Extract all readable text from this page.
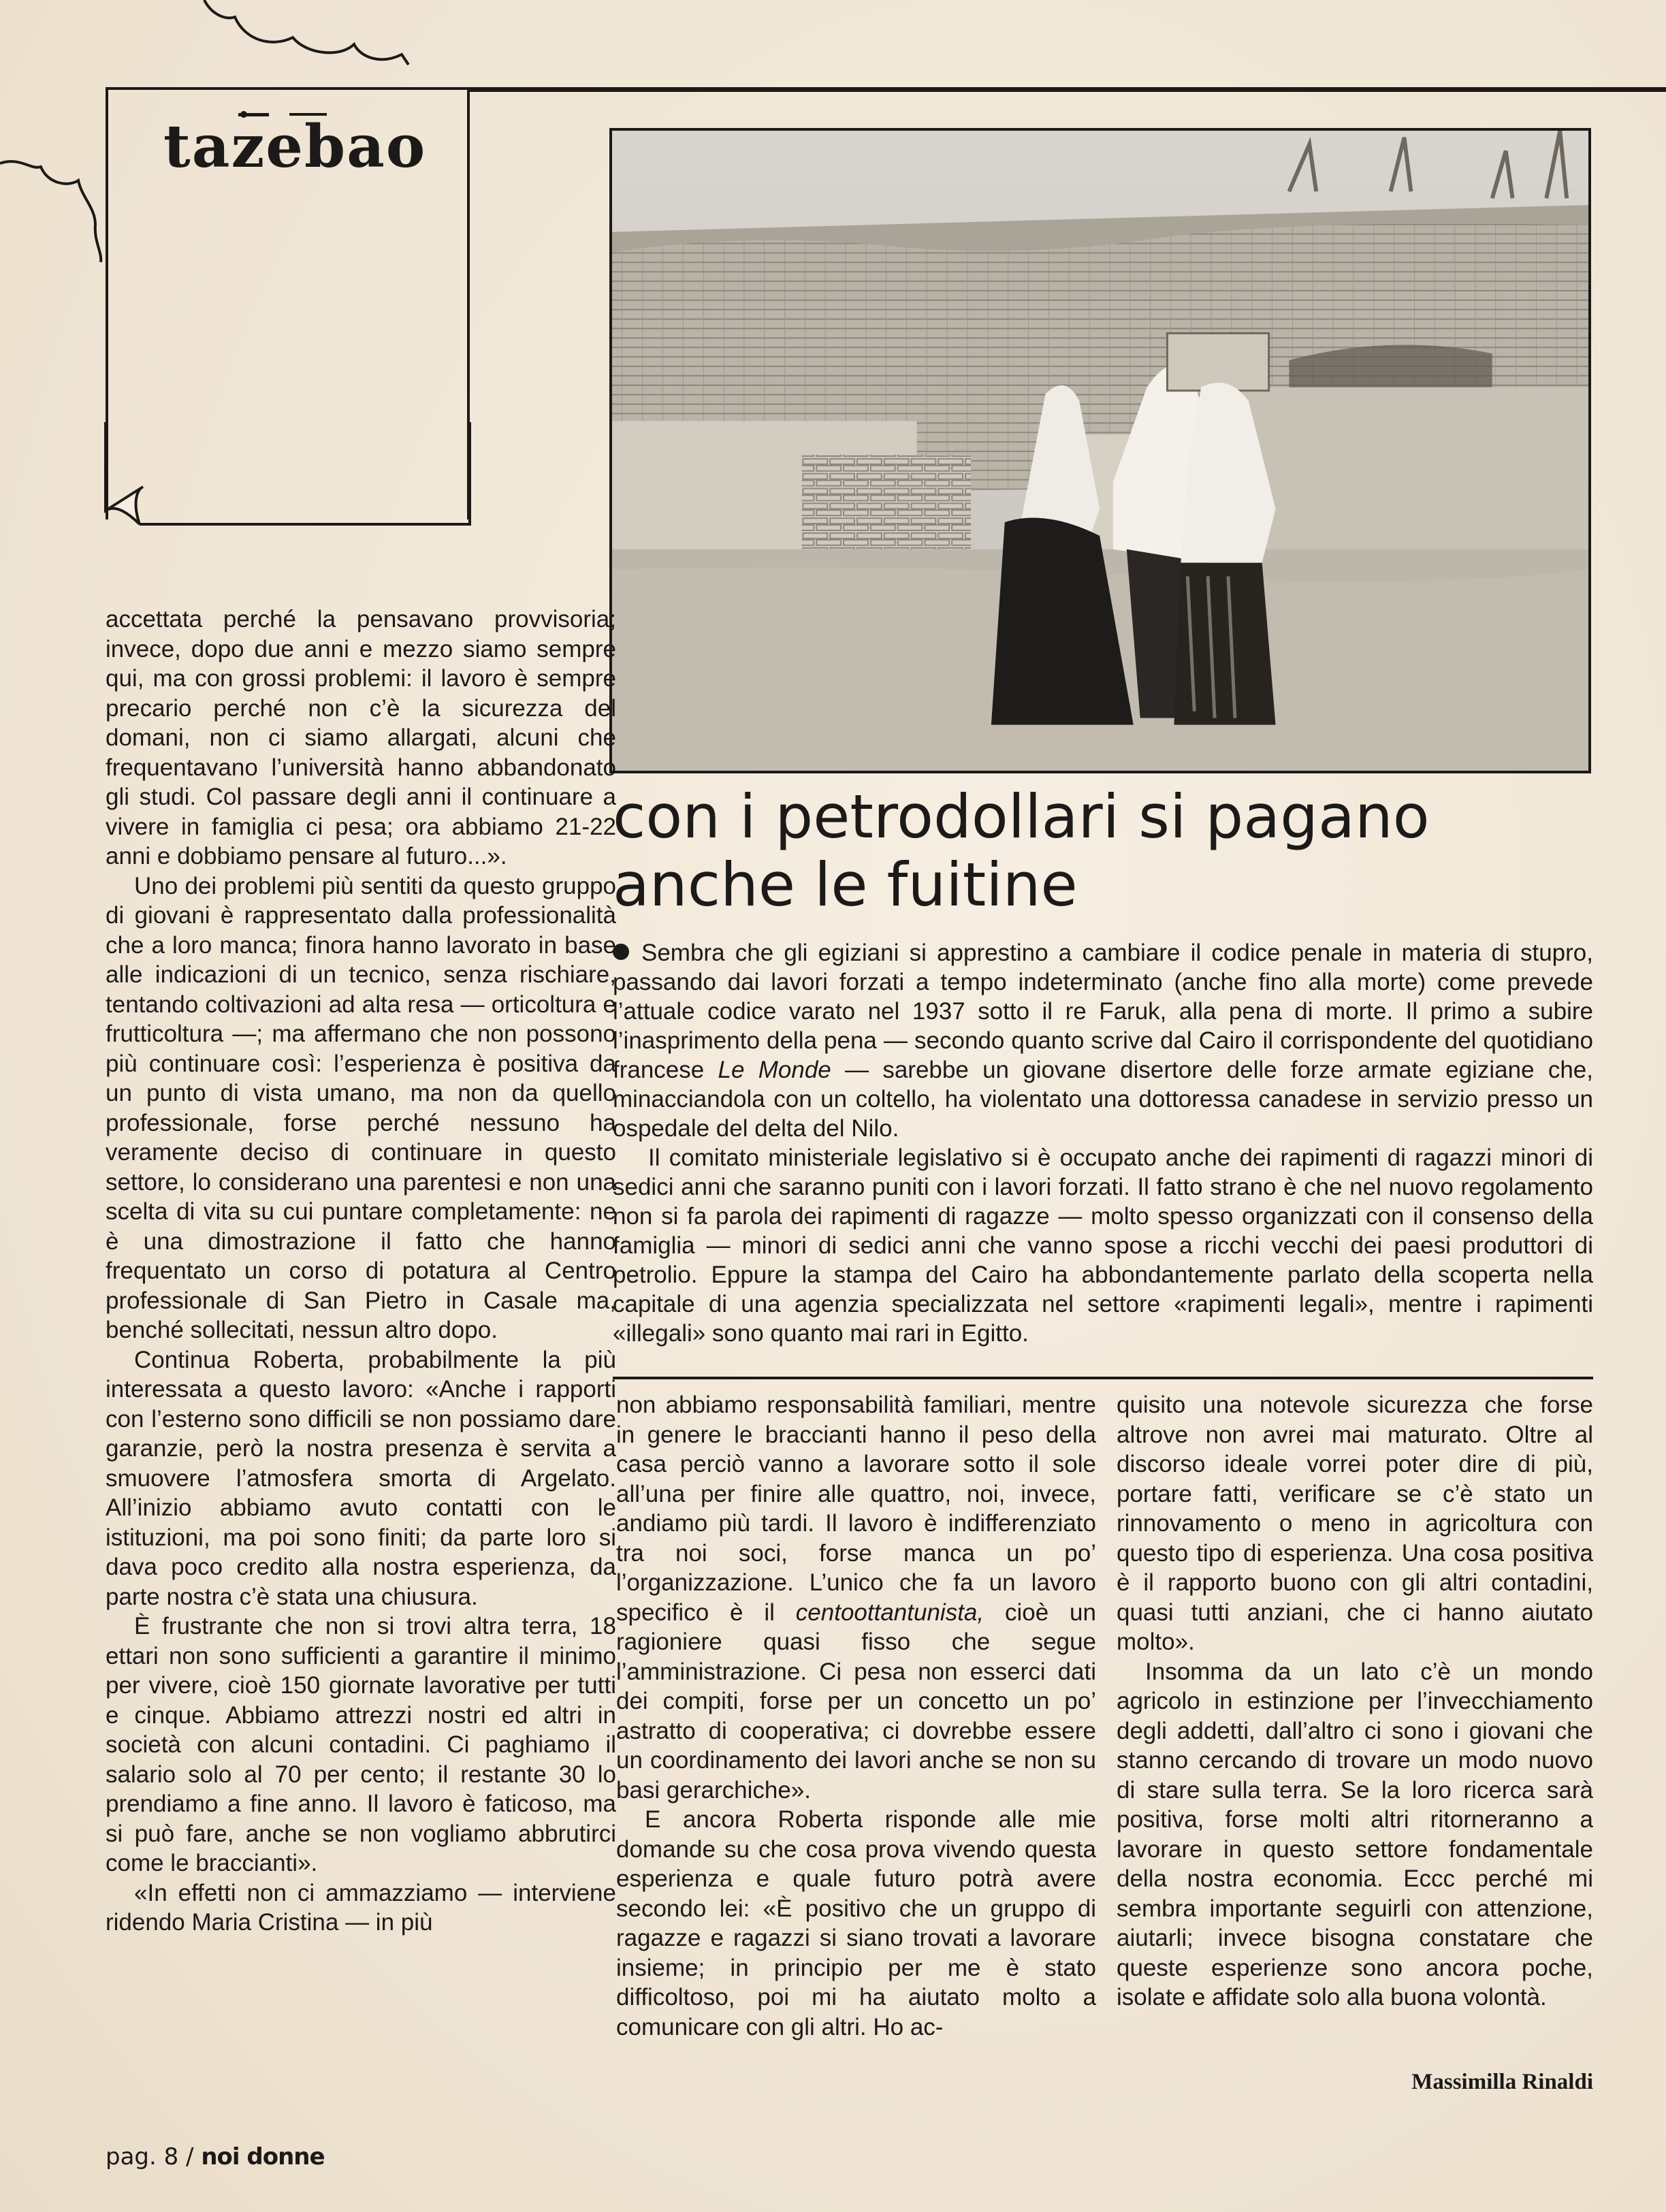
tazebao
con i petrodollari si pagano
anche le fuitine

Sembra che gli egiziani si apprestino a cambiare il codice penale in materia di stupro, passando dai lavori forzati a tempo indeterminato (anche fino alla morte) come prevede l’attuale codice varato nel 1937 sotto il re Faruk, alla pena di morte. Il primo a subire l’inasprimento della pena — secondo quanto scrive dal Cairo il corrispondente del quotidiano francese Le Monde — sarebbe un giovane disertore delle forze armate egiziane che, minacciandola con un coltello, ha violentato una dottoressa canadese in servizio presso un ospedale del delta del Nilo.

Il comitato ministeriale legislativo si è occupato anche dei rapimenti di ragazzi minori di sedici anni che saranno puniti con i lavori forzati. Il fatto strano è che nel nuovo regolamento non si fa parola dei rapimenti di ragazze — molto spesso organizzati con il consenso della famiglia — minori di sedici anni che vanno spose a ricchi vecchi dei paesi produttori di petrolio. Eppure la stampa del Cairo ha abbondantemente parlato della scoperta nella capitale di una agenzia specializzata nel settore «rapimenti legali», mentre i rapimenti «illegali» sono quanto mai rari in Egitto.

accettata perché la pensavano provvisoria; invece, dopo due anni e mezzo siamo sempre qui, ma con grossi problemi: il lavoro è sempre precario perché non c’è la sicurezza del domani, non ci siamo allargati, alcuni che frequentavano l’università hanno abbandonato gli studi. Col passare degli anni il continuare a vivere in famiglia ci pesa; ora abbiamo 21-22 anni e dobbiamo pensare al futuro...».

Uno dei problemi più sentiti da questo gruppo di giovani è rappresentato dalla professionalità che a loro manca; finora hanno lavorato in base alle indicazioni di un tecnico, senza rischiare, tentando coltivazioni ad alta resa — orticoltura e frutticoltura —; ma affermano che non possono più continuare così: l’esperienza è positiva da un punto di vista umano, ma non da quello professionale, forse perché nessuno ha veramente deciso di continuare in questo settore, lo considerano una parentesi e non una scelta di vita su cui puntare completamente: ne è una dimostrazione il fatto che hanno frequentato un corso di potatura al Centro professionale di San Pietro in Casale ma, benché sollecitati, nessun altro dopo.

Continua Roberta, probabilmente la più interessata a questo lavoro: «Anche i rapporti con l’esterno sono difficili se non possiamo dare garanzie, però la nostra presenza è servita a smuovere l’atmosfera smorta di Argelato. All’inizio abbiamo avuto contatti con le istituzioni, ma poi sono finiti; da parte loro si dava poco credito alla nostra esperienza, da parte nostra c’è stata una chiusura.

È frustrante che non si trovi altra terra, 18 ettari non sono sufficienti a garantire il minimo per vivere, cioè 150 giornate lavorative per tutti e cinque. Abbiamo attrezzi nostri ed altri in società con alcuni contadini. Ci paghiamo il salario solo al 70 per cento; il restante 30 lo prendiamo a fine anno. Il lavoro è faticoso, ma si può fare, anche se non vogliamo abbrutirci come le braccianti».

«In effetti non ci ammazziamo — interviene ridendo Maria Cristina — in più

non abbiamo responsabilità familiari, mentre in genere le braccianti hanno il peso della casa perciò vanno a lavorare sotto il sole all’una per finire alle quattro, noi, invece, andiamo più tardi. Il lavoro è indifferenziato tra noi soci, forse manca un po’ l’organizzazione. L’unico che fa un lavoro specifico è il centoottantunista, cioè un ragioniere quasi fisso che segue l’amministrazione. Ci pesa non esserci dati dei compiti, forse per un concetto un po’ astratto di cooperativa; ci dovrebbe essere un coordinamento dei lavori anche se non su basi gerarchiche».

E ancora Roberta risponde alle mie domande su che cosa prova vivendo questa esperienza e quale futuro potrà avere secondo lei: «È positivo che un gruppo di ragazze e ragazzi si siano trovati a lavorare insieme; in principio per me è stato difficoltoso, poi mi ha aiutato molto a comunicare con gli altri. Ho ac-

quisito una notevole sicurezza che forse altrove non avrei mai maturato. Oltre al discorso ideale vorrei poter dire di più, portare fatti, verificare se c’è stato un rinnovamento o meno in agricoltura con questo tipo di esperienza. Una cosa positiva è il rapporto buono con gli altri contadini, quasi tutti anziani, che ci hanno aiutato molto».

Insomma da un lato c’è un mondo agricolo in estinzione per l’invecchiamento degli addetti, dall’altro ci sono i giovani che stanno cercando di trovare un modo nuovo di stare sulla terra. Se la loro ricerca sarà positiva, forse molti altri ritorneranno a lavorare in questo settore fondamentale della nostra economia. Eccc perché mi sembra importante seguirli con attenzione, aiutarli; invece bisogna constatare che queste esperienze sono ancora poche, isolate e affidate solo alla buona volontà.

Massimilla Rinaldi
pag. 8 / noi donne
